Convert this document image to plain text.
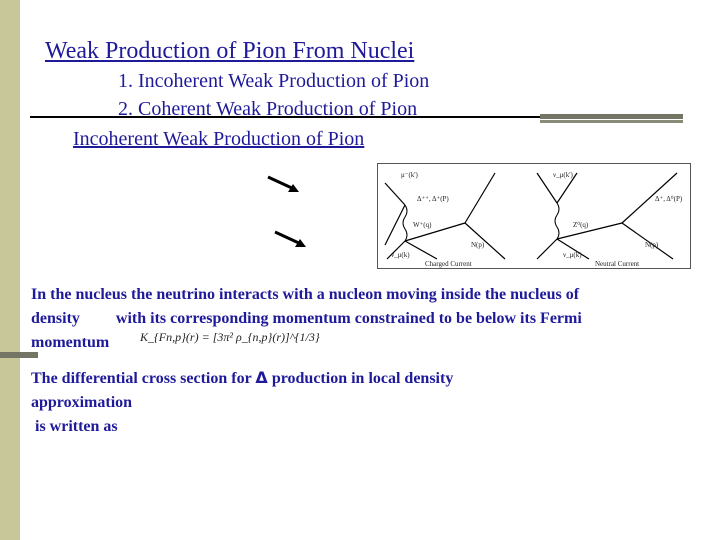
Weak Production of Pion From Nuclei
1. Incoherent Weak Production of Pion
2. Coherent Weak Production of Pion
Incoherent Weak Production of Pion
μ⁻(k')
Δ⁺⁺, Δ⁺(P)
W⁺(q)
N(p)
ν_μ(k)
ν_μ(k')
Δ⁺, Δ⁰(P)
Z⁰(q)
N(p)
ν_μ(k)
Charged Current	Neutral Current
In the nucleus the neutrino interacts with a nucleon moving inside the nucleus of
density with its corresponding momentum constrained to be below its Fermi
momentum	K_{Fn,p}(r) = [3π² ρ_{n,p}(r)]^{1/3}
The differential cross section for Δ production in local density
approximation
is written as
